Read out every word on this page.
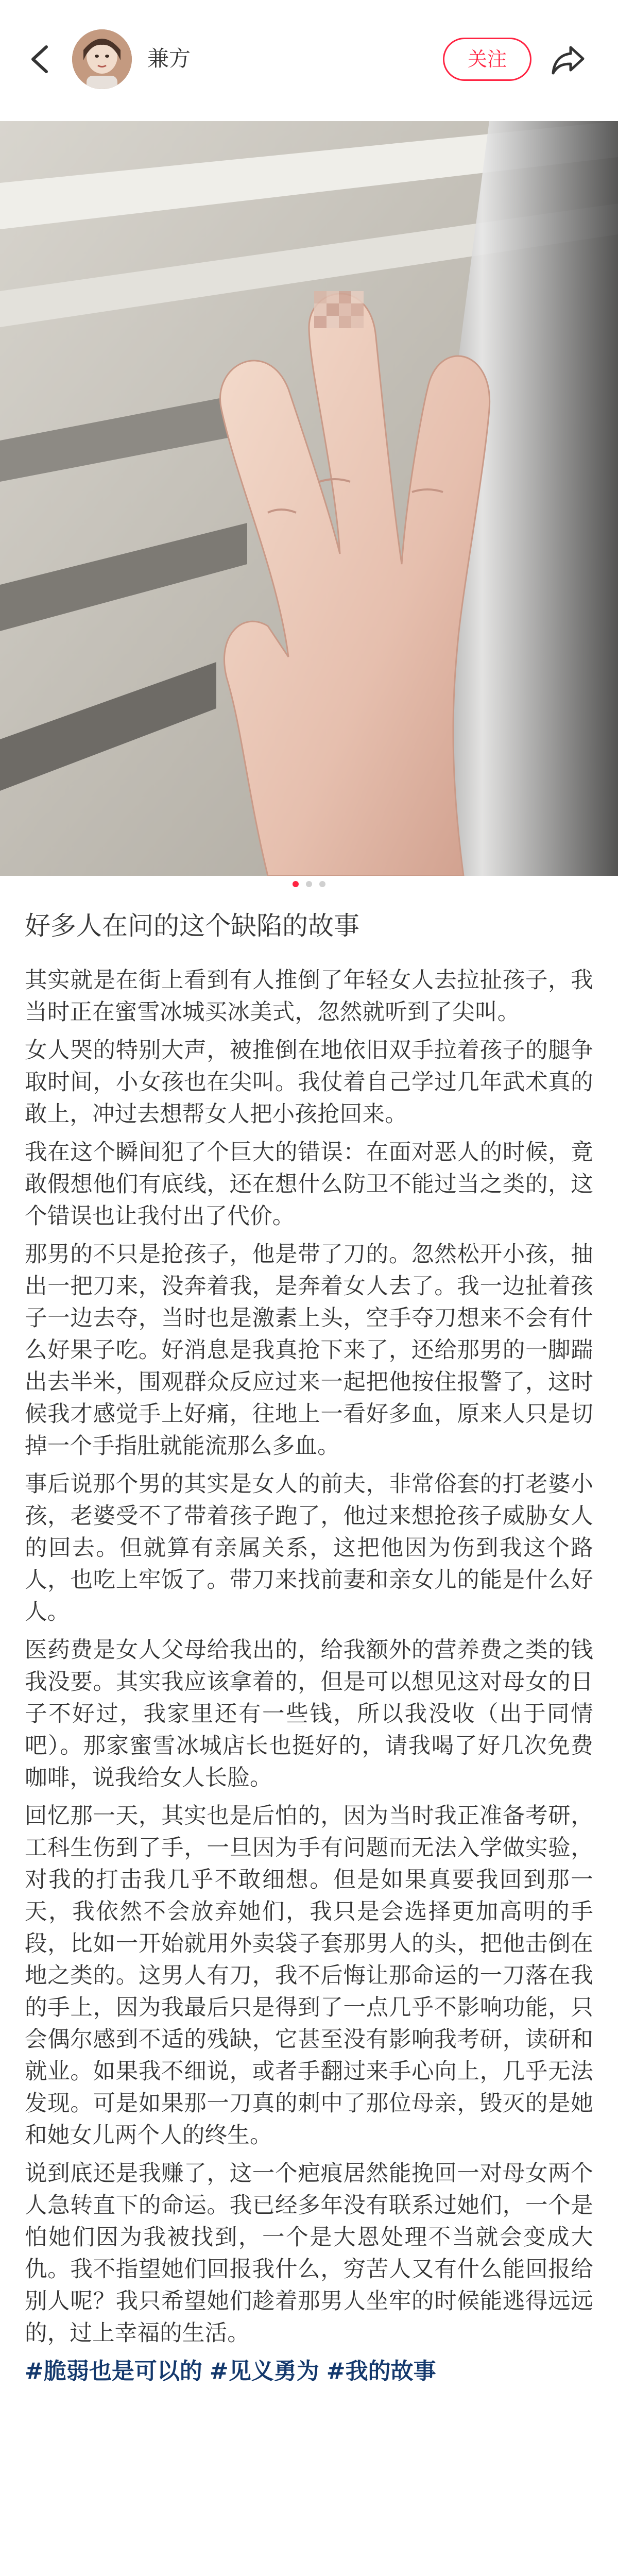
兼方	关注
好多人在问的这个缺陷的故事

其实就是在街上看到有人推倒了年轻女人去拉扯孩子，我当时正在蜜雪冰城买冰美式，忽然就听到了尖叫。

女人哭的特别大声，被推倒在地依旧双手拉着孩子的腿争取时间，小女孩也在尖叫。我仗着自己学过几年武术真的敢上，冲过去想帮女人把小孩抢回来。

我在这个瞬间犯了个巨大的错误：在面对恶人的时候，竟敢假想他们有底线，还在想什么防卫不能过当之类的，这个错误也让我付出了代价。

那男的不只是抢孩子，他是带了刀的。忽然松开小孩，抽出一把刀来，没奔着我，是奔着女人去了。我一边扯着孩子一边去夺，当时也是激素上头，空手夺刀想来不会有什么好果子吃。好消息是我真抢下来了，还给那男的一脚踹出去半米，围观群众反应过来一起把他按住报警了，这时候我才感觉手上好痛，往地上一看好多血，原来人只是切掉一个手指肚就能流那么多血。

事后说那个男的其实是女人的前夫，非常俗套的打老婆小孩，老婆受不了带着孩子跑了，他过来想抢孩子威胁女人的回去。但就算有亲属关系，这把他因为伤到我这个路人，也吃上牢饭了。带刀来找前妻和亲女儿的能是什么好人。

医药费是女人父母给我出的，给我额外的营养费之类的钱我没要。其实我应该拿着的，但是可以想见这对母女的日子不好过，我家里还有一些钱，所以我没收（出于同情吧）。那家蜜雪冰城店长也挺好的，请我喝了好几次免费咖啡，说我给女人长脸。

回忆那一天，其实也是后怕的，因为当时我正准备考研，工科生伤到了手，一旦因为手有问题而无法入学做实验，对我的打击我几乎不敢细想。但是如果真要我回到那一天，我依然不会放弃她们，我只是会选择更加高明的手段，比如一开始就用外卖袋子套那男人的头，把他击倒在地之类的。这男人有刀，我不后悔让那命运的一刀落在我的手上，因为我最后只是得到了一点几乎不影响功能，只会偶尔感到不适的残缺，它甚至没有影响我考研，读研和就业。如果我不细说，或者手翻过来手心向上，几乎无法发现。可是如果那一刀真的刺中了那位母亲，毁灭的是她和她女儿两个人的终生。

说到底还是我赚了，这一个疤痕居然能挽回一对母女两个人急转直下的命运。我已经多年没有联系过她们，一个是怕她们因为我被找到，一个是大恩处理不当就会变成大仇。我不指望她们回报我什么，穷苦人又有什么能回报给别人呢？我只希望她们趁着那男人坐牢的时候能逃得远远的，过上幸福的生活。

#脆弱也是可以的 #见义勇为 #我的故事
